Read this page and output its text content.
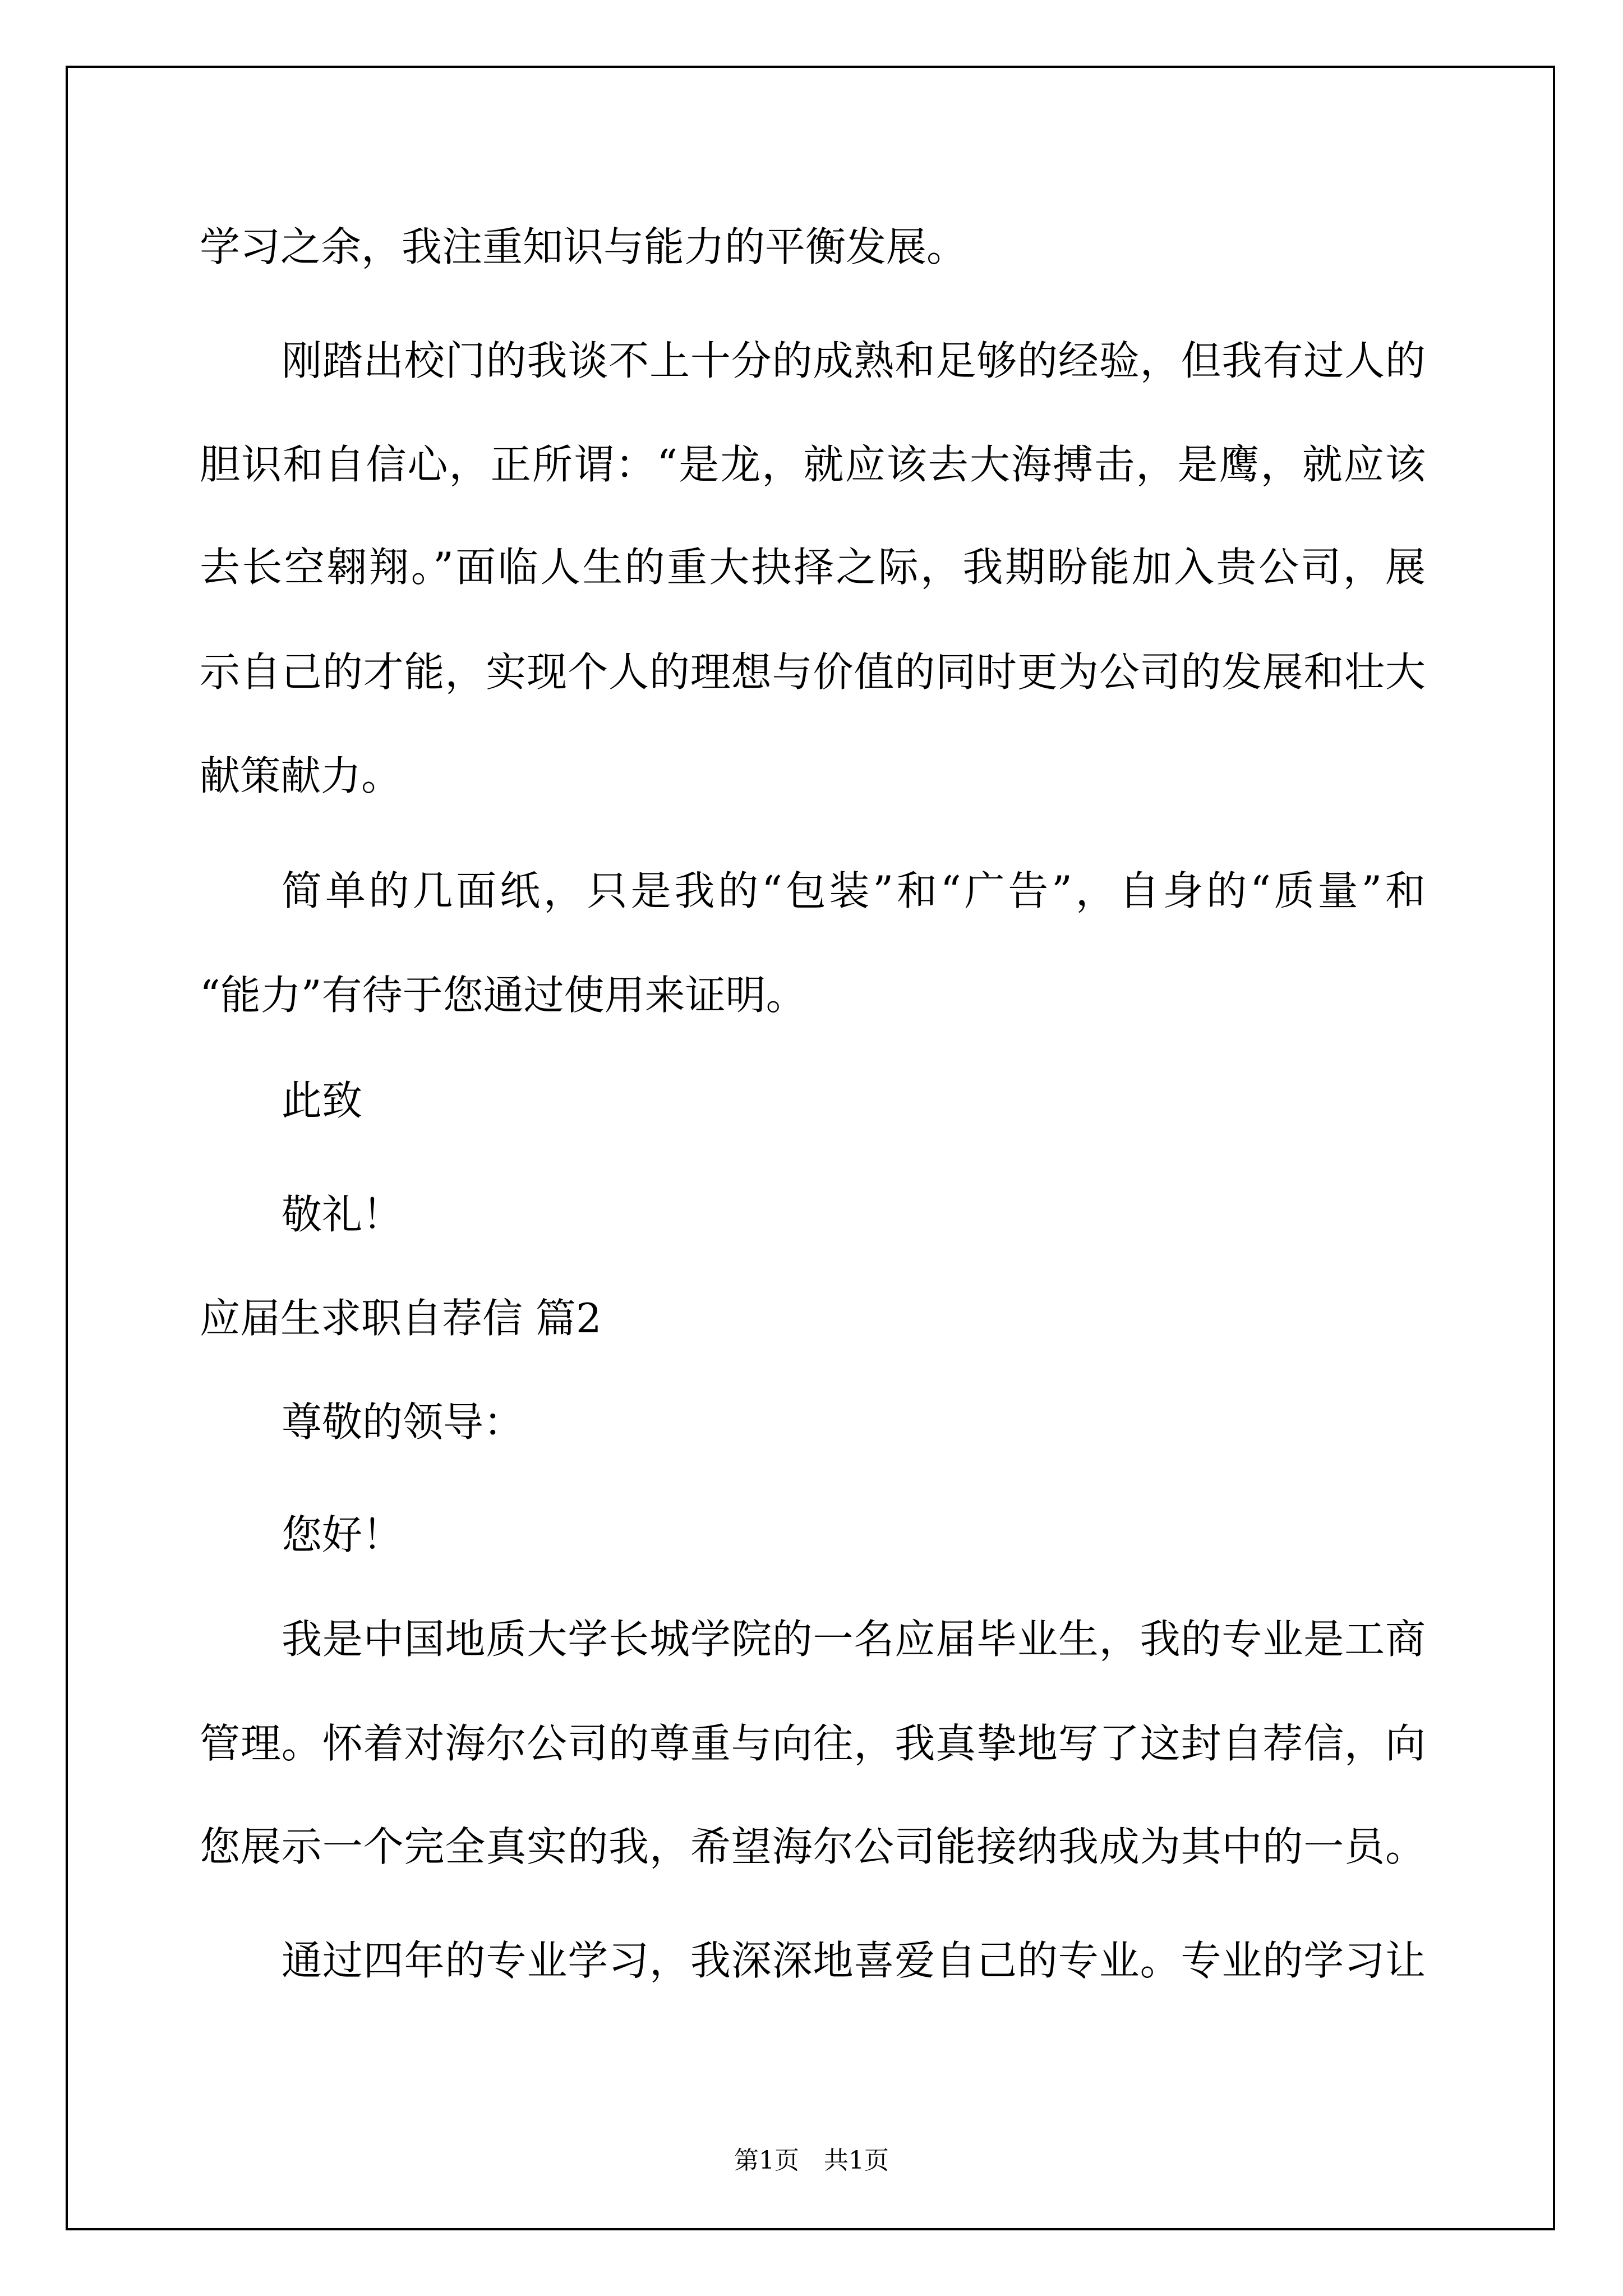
学习之余，我注重知识与能力的平衡发展。
刚踏出校门的我谈不上十分的成熟和足够的经验，但我有过人的
胆识和自信心，正所谓：“是龙，就应该去大海搏击，是鹰，就应该
去长空翱翔。”面临人生的重大抉择之际，我期盼能加入贵公司，展
示自己的才能，实现个人的理想与价值的同时更为公司的发展和壮大
献策献力。
简单的几面纸，只是我的“包装”和“广告”，自身的“质量”和
“能力”有待于您通过使用来证明。
此致
敬礼！
应届生求职自荐信 篇2
尊敬的领导：
您好！
我是中国地质大学长城学院的一名应届毕业生，我的专业是工商
管理。怀着对海尔公司的尊重与向往，我真挚地写了这封自荐信，向
您展示一个完全真实的我，希望海尔公司能接纳我成为其中的一员。
通过四年的专业学习，我深深地喜爱自己的专业。专业的学习让
第1页　共1页
